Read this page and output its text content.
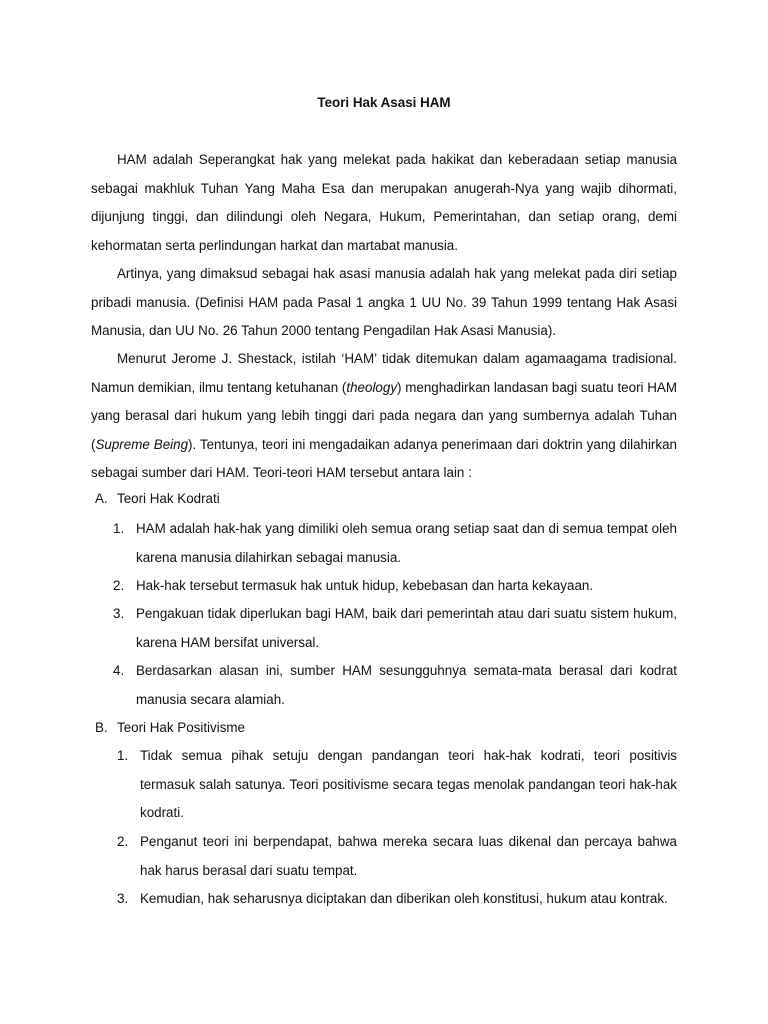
Teori Hak Asasi HAM

HAM adalah Seperangkat hak yang melekat pada hakikat dan keberadaan setiap manusia sebagai makhluk Tuhan Yang Maha Esa dan merupakan anugerah-Nya yang wajib dihormati, dijunjung tinggi, dan dilindungi oleh Negara, Hukum, Pemerintahan, dan setiap orang, demi kehormatan serta perlindungan harkat dan martabat manusia.

Artinya, yang dimaksud sebagai hak asasi manusia adalah hak yang melekat pada diri setiap pribadi manusia. (Definisi HAM pada Pasal 1 angka 1 UU No. 39 Tahun 1999 tentang Hak Asasi Manusia, dan UU No. 26 Tahun 2000 tentang Pengadilan Hak Asasi Manusia).

Menurut Jerome J. Shestack, istilah ‘HAM’ tidak ditemukan dalam agamaagama tradisional. Namun demikian, ilmu tentang ketuhanan (theology) menghadirkan landasan bagi suatu teori HAM yang berasal dari hukum yang lebih tinggi dari pada negara dan yang sumbernya adalah Tuhan (Supreme Being). Tentunya, teori ini mengadaikan adanya penerimaan dari doktrin yang dilahirkan sebagai sumber dari HAM. Teori-teori HAM tersebut antara lain :

A. Teori Hak Kodrati
1. HAM adalah hak-hak yang dimiliki oleh semua orang setiap saat dan di semua tempat oleh karena manusia dilahirkan sebagai manusia.
2. Hak-hak tersebut termasuk hak untuk hidup, kebebasan dan harta kekayaan.
3. Pengakuan tidak diperlukan bagi HAM, baik dari pemerintah atau dari suatu sistem hukum, karena HAM bersifat universal.
4. Berdasarkan alasan ini, sumber HAM sesungguhnya semata-mata berasal dari kodrat manusia secara alamiah.
B. Teori Hak Positivisme
1. Tidak semua pihak setuju dengan pandangan teori hak-hak kodrati, teori positivis termasuk salah satunya. Teori positivisme secara tegas menolak pandangan teori hak-hak kodrati.
2. Penganut teori ini berpendapat, bahwa mereka secara luas dikenal dan percaya bahwa hak harus berasal dari suatu tempat.
3. Kemudian, hak seharusnya diciptakan dan diberikan oleh konstitusi, hukum atau kontrak.
